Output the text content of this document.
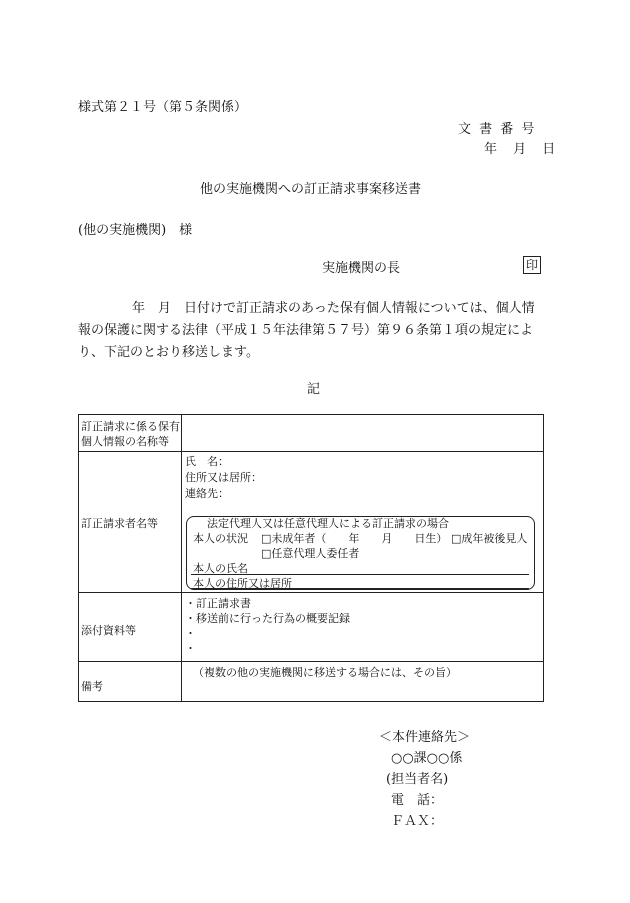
様式第２１号（第５条関係）
文 書 番 号
年 月 日
他の実施機関への訂正請求事案移送書
(他の実施機関)　様
実施機関の長	印
年　月　日付けで訂正請求のあった保有個人情報については、個人情
報の保護に関する法律（平成１５年法律第５７号）第９６条第１項の規定によ
り、下記のとおり移送します。
記
訂正請求に係る保有
個人情報の名称等
訂正請求者名等
氏　名：
住所又は居所：
連絡先：
法定代理人又は任意代理人による訂正請求の場合
本人の状況 □未成年者（　　年　　月　　日生） □成年被後見人
□任意代理人委任者
本人の氏名
本人の住所又は居所
添付資料等
・訂正請求書
・移送前に行った行為の概要記録
・
・
備考
（複数の他の実施機関に移送する場合には、その旨）
＜本件連絡先＞
○○課○○係
(担当者名)
電　話：
ＦＡＸ：
